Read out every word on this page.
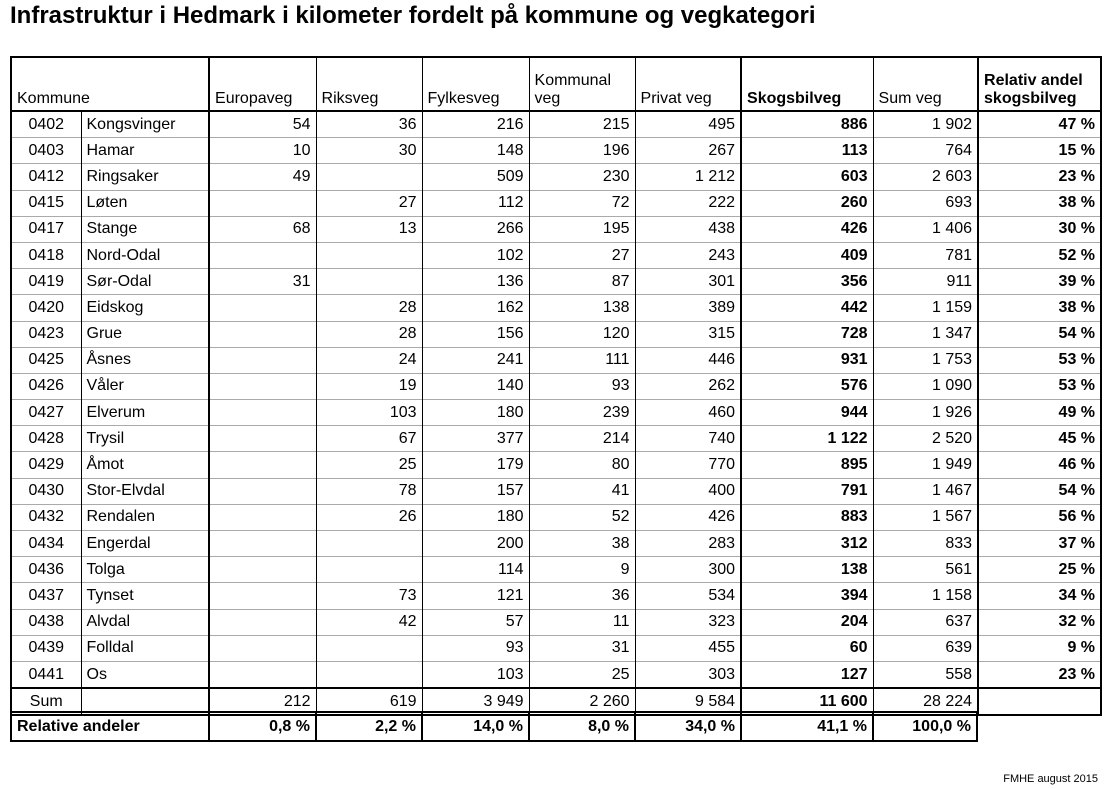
Infrastruktur i Hedmark i kilometer fordelt på kommune og vegkategori
Kommune		Europaveg	Riksveg	Fylkesveg	Kommunal veg	Privat veg	Skogsbilveg	Sum veg	Relativ andel skogsbilveg
0402	Kongsvinger	54	36	216	215	495	886	1 902	47 %
0403	Hamar	10	30	148	196	267	113	764	15 %
0412	Ringsaker	49		509	230	1 212	603	2 603	23 %
0415	Løten		27	112	72	222	260	693	38 %
0417	Stange	68	13	266	195	438	426	1 406	30 %
0418	Nord-Odal			102	27	243	409	781	52 %
0419	Sør-Odal	31		136	87	301	356	911	39 %
0420	Eidskog		28	162	138	389	442	1 159	38 %
0423	Grue		28	156	120	315	728	1 347	54 %
0425	Åsnes		24	241	111	446	931	1 753	53 %
0426	Våler		19	140	93	262	576	1 090	53 %
0427	Elverum		103	180	239	460	944	1 926	49 %
0428	Trysil		67	377	214	740	1 122	2 520	45 %
0429	Åmot		25	179	80	770	895	1 949	46 %
0430	Stor-Elvdal		78	157	41	400	791	1 467	54 %
0432	Rendalen		26	180	52	426	883	1 567	56 %
0434	Engerdal			200	38	283	312	833	37 %
0436	Tolga			114	9	300	138	561	25 %
0437	Tynset		73	121	36	534	394	1 158	34 %
0438	Alvdal		42	57	11	323	204	637	32 %
0439	Folldal			93	31	455	60	639	9 %
0441	Os			103	25	303	127	558	23 %
Sum		212	619	3 949	2 260	9 584	11 600	28 224	
Relative andeler	0,8 %	2,2 %	14,0 %	8,0 %	34,0 %	41,1 %	100,0 %
FMHE august 2015
